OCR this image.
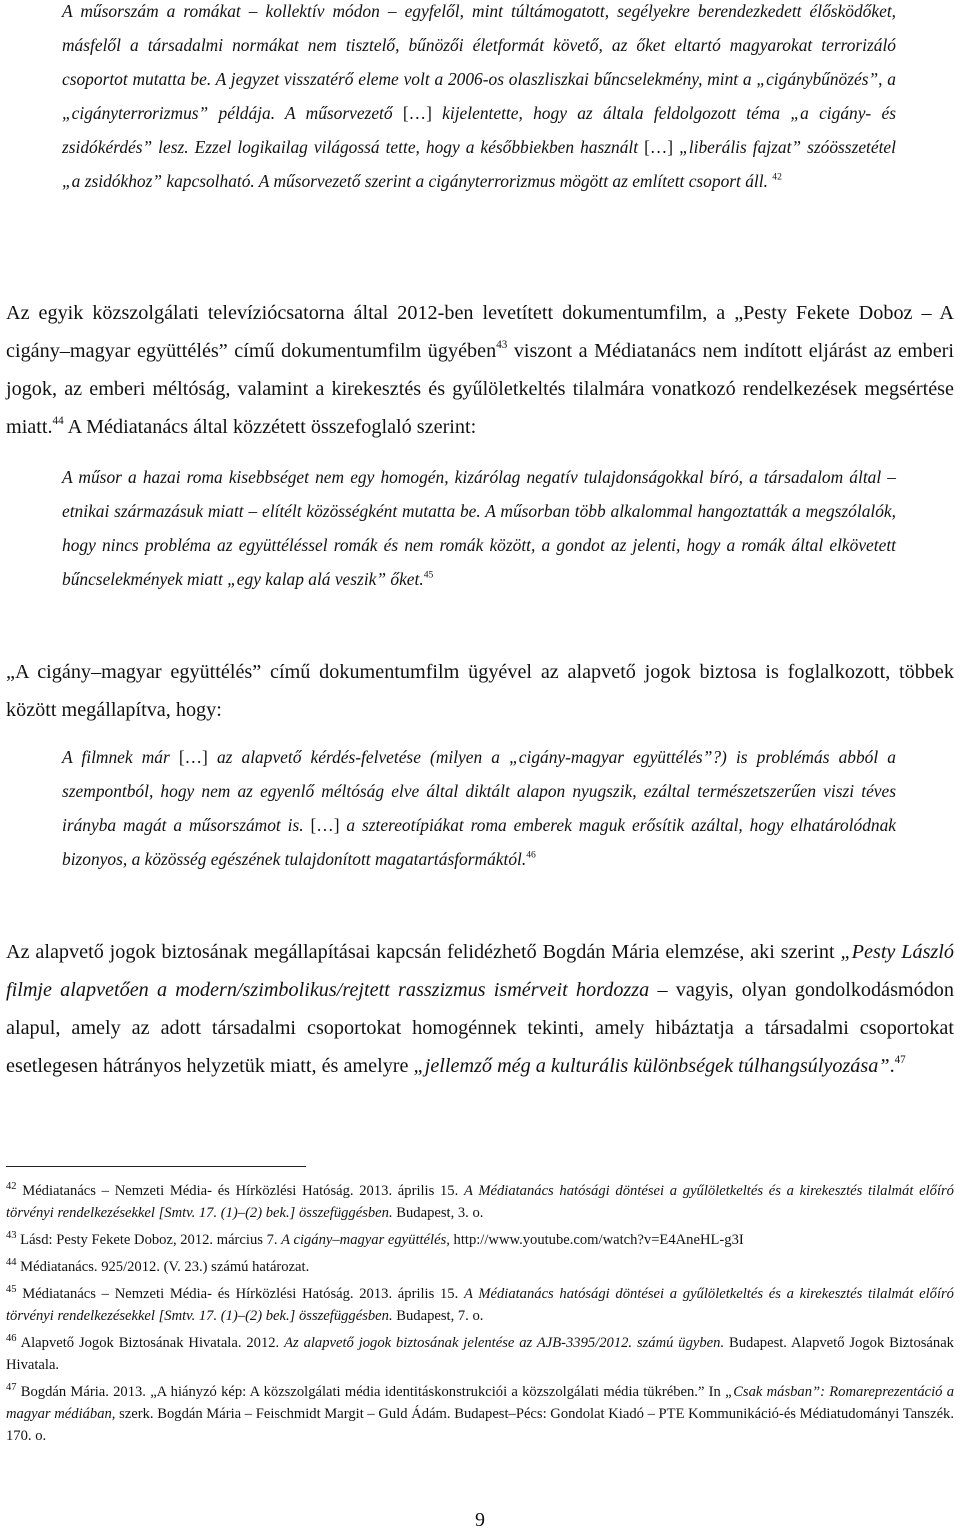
A műsorszám a romákat – kollektív módon – egyfelől, mint túltámogatott, segélyekre berendezkedett élősködőket, másfelől a társadalmi normákat nem tisztelő, bűnözői életformát követő, az őket eltartó magyarokat terrorizáló csoportot mutatta be. A jegyzet visszatérő eleme volt a 2006-os olaszliszkai bűncselekmény, mint a „cigánybűnözés”, a „cigányterrorizmus” példája. A műsorvezető […] kijelentette, hogy az általa feldolgozott téma „a cigány- és zsidókérdés” lesz. Ezzel logikailag világossá tette, hogy a későbbiekben használt […] „liberális fajzat” szóösszetétel „a zsidókhoz” kapcsolható. A műsorvezető szerint a cigányterrorizmus mögött az említett csoport áll. $^{42}$
Az egyik közszolgálati televíziócsatorna által 2012-ben levetített dokumentumfilm, a „Pesty Fekete Doboz – A cigány–magyar együttélés” című dokumentumfilm ügyében$^{43}$ viszont a Médiatanács nem indított eljárást az emberi jogok, az emberi méltóság, valamint a kirekesztés és gyűlöletkeltés tilalmára vonatkozó rendelkezések megsértése miatt.$^{44}$ A Médiatanács által közzétett összefoglaló szerint:
A műsor a hazai roma kisebbséget nem egy homogén, kizárólag negatív tulajdonságokkal bíró, a társadalom által – etnikai származásuk miatt – elítélt közösségként mutatta be. A műsorban több alkalommal hangoztatták a megszólalók, hogy nincs probléma az együttéléssel romák és nem romák között, a gondot az jelenti, hogy a romák által elkövetett bűncselekmények miatt „egy kalap alá veszik” őket.$^{45}$
„A cigány–magyar együttélés” című dokumentumfilm ügyével az alapvető jogok biztosa is foglalkozott, többek között megállapítva, hogy:
A filmnek már […] az alapvető kérdés-felvetése (milyen a „cigány-magyar együttélés”?) is problémás abból a szempontból, hogy nem az egyenlő méltóság elve által diktált alapon nyugszik, ezáltal természetszerűen viszi téves irányba magát a műsorszámot is. […] a sztereotípiákat roma emberek maguk erősítik azáltal, hogy elhatárolódnak bizonyos, a közösség egészének tulajdonított magatartásformáktól.$^{46}$
Az alapvető jogok biztosának megállapításai kapcsán felidézhető Bogdán Mária elemzése, aki szerint „Pesty László filmje alapvetően a modern/szimbolikus/rejtett rasszizmus ismérveit hordozza – vagyis, olyan gondolkodásmódon alapul, amely az adott társadalmi csoportokat homogénnek tekinti, amely hibáztatja a társadalmi csoportokat esetlegesen hátrányos helyzetük miatt, és amelyre „jellemző még a kulturális különbségek túlhangsúlyozása”.$^{47}$
$^{42}$ Médiatanács – Nemzeti Média- és Hírközlési Hatóság. 2013. április 15. A Médiatanács hatósági döntései a gyűlöletkeltés és a kirekesztés tilalmát előíró törvényi rendelkezésekkel [Smtv. 17. (1)–(2) bek.] összefüggésben. Budapest, 3. o.
$^{43}$ Lásd: Pesty Fekete Doboz, 2012. március 7. A cigány–magyar együttélés, http://www.youtube.com/watch?v=E4AneHL-g3I
$^{44}$ Médiatanács. 925/2012. (V. 23.) számú határozat.
$^{45}$ Médiatanács – Nemzeti Média- és Hírközlési Hatóság. 2013. április 15. A Médiatanács hatósági döntései a gyűlöletkeltés és a kirekesztés tilalmát előíró törvényi rendelkezésekkel [Smtv. 17. (1)–(2) bek.] összefüggésben. Budapest, 7. o.
$^{46}$ Alapvető Jogok Biztosának Hivatala. 2012. Az alapvető jogok biztosának jelentése az AJB-3395/2012. számú ügyben. Budapest. Alapvető Jogok Biztosának Hivatala.
$^{47}$ Bogdán Mária. 2013. „A hiányzó kép: A közszolgálati média identitáskonstrukciói a közszolgálati média tükrében.” In „Csak másban”: Romareprezentáció a magyar médiában, szerk. Bogdán Mária – Feischmidt Margit – Guld Ádám. Budapest–Pécs: Gondolat Kiadó – PTE Kommunikáció-és Médiatudományi Tanszék. 170. o.
9
